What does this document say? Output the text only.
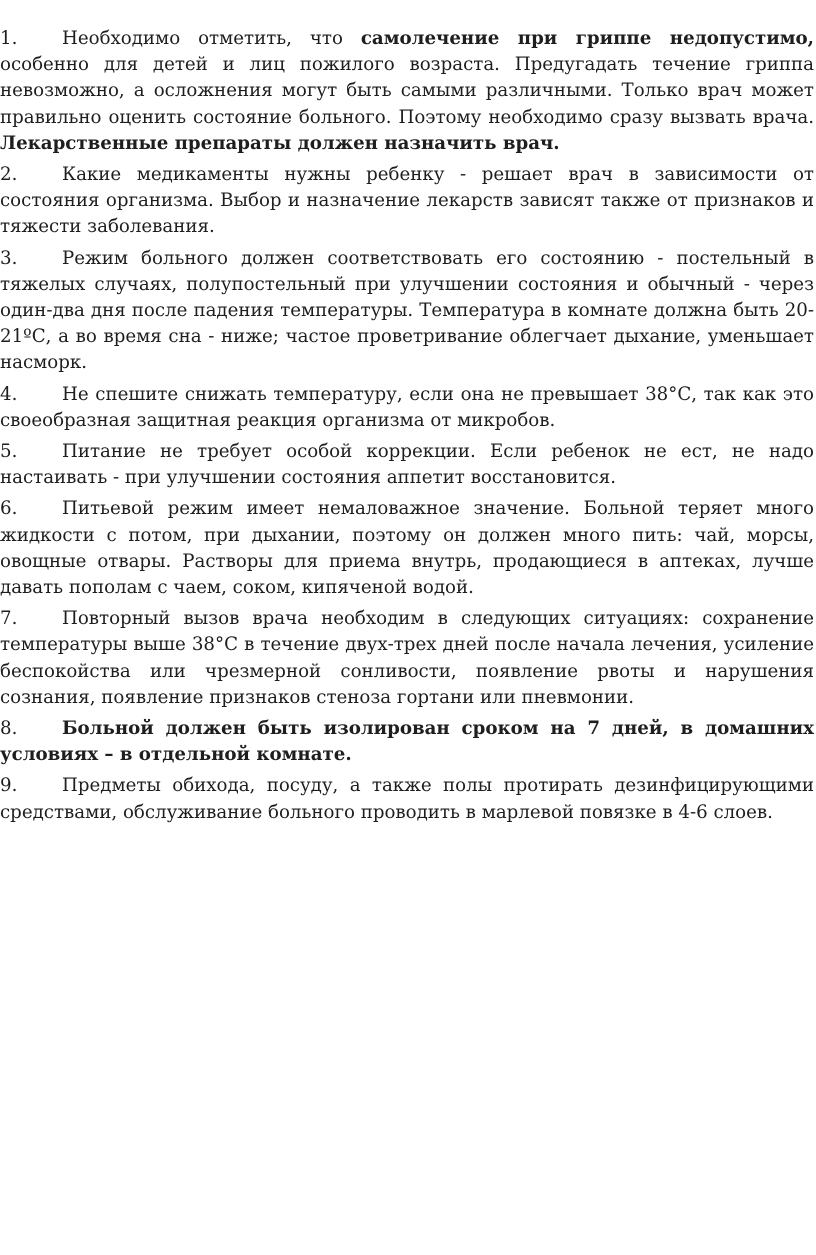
1. Необходимо отметить, что самолечение при гриппе недопустимо, особенно для детей и лиц пожилого возраста. Предугадать течение гриппа невозможно, а осложнения могут быть самыми различными. Только врач может правильно оценить состояние больного. Поэтому необходимо сразу вызвать врача. Лекарственные препараты должен назначить врач.

2. Какие медикаменты нужны ребенку - решает врач в зависимости от состояния организма. Выбор и назначение лекарств зависят также от признаков и тяжести заболевания.

3. Режим больного должен соответствовать его состоянию - постельный в тяжелых случаях, полупостельный при улучшении состояния и обычный - через один-два дня после падения температуры. Температура в комнате должна быть 20-21ºС, а во время сна - ниже; частое проветривание облегчает дыхание, уменьшает насморк.

4. Не спешите снижать температуру, если она не превышает 38°С, так как это своеобразная защитная реакция организма от микробов.

5. Питание не требует особой коррекции. Если ребенок не ест, не надо настаивать - при улучшении состояния аппетит восстановится.

6. Питьевой режим имеет немаловажное значение. Больной теряет много жидкости с потом, при дыхании, поэтому он должен много пить: чай, морсы, овощные отвары. Растворы для приема внутрь, продающиеся в аптеках, лучше давать пополам с чаем, соком, кипяченой водой.

7. Повторный вызов врача необходим в следующих ситуациях: сохранение температуры выше 38°С в течение двух-трех дней после начала лечения, усиление беспокойства или чрезмерной сонливости, появление рвоты и нарушения сознания, появление признаков стеноза гортани или пневмонии.

8. Больной должен быть изолирован сроком на 7 дней, в домашних условиях – в отдельной комнате.

9. Предметы обихода, посуду, а также полы протирать дезинфицирующими средствами, обслуживание больного проводить в марлевой повязке в 4-6 слоев.
